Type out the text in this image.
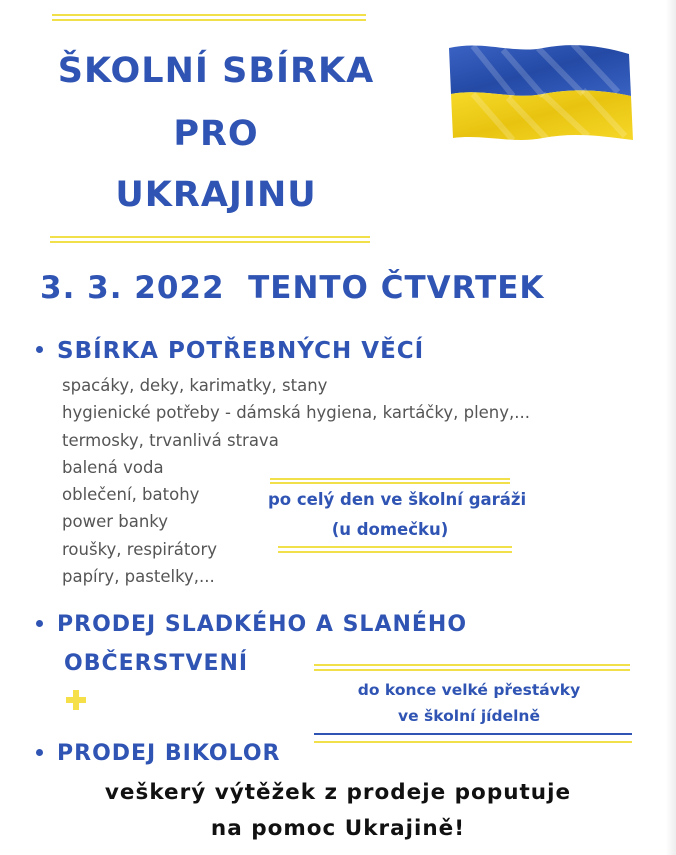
ŠKOLNÍ SBÍRKA
PRO
UKRAJINU
3. 3. 2022  TENTO ČTVRTEK
SBÍRKA POTŘEBNÝCH VĚCÍ
spacáky, deky, karimatky, stany
hygienické potřeby - dámská hygiena, kartáčky, pleny,...
termosky, trvanlivá strava
balená voda
oblečení, batohy
power banky
roušky, respirátory
papíry, pastelky,...
po celý den ve školní garáži
(u domečku)
PRODEJ SLADKÉHO A SLANÉHO
OBČERSTVENÍ
do konce velké přestávky
ve školní jídelně
PRODEJ BIKOLOR
veškerý výtěžek z prodeje poputuje
na pomoc Ukrajině!
